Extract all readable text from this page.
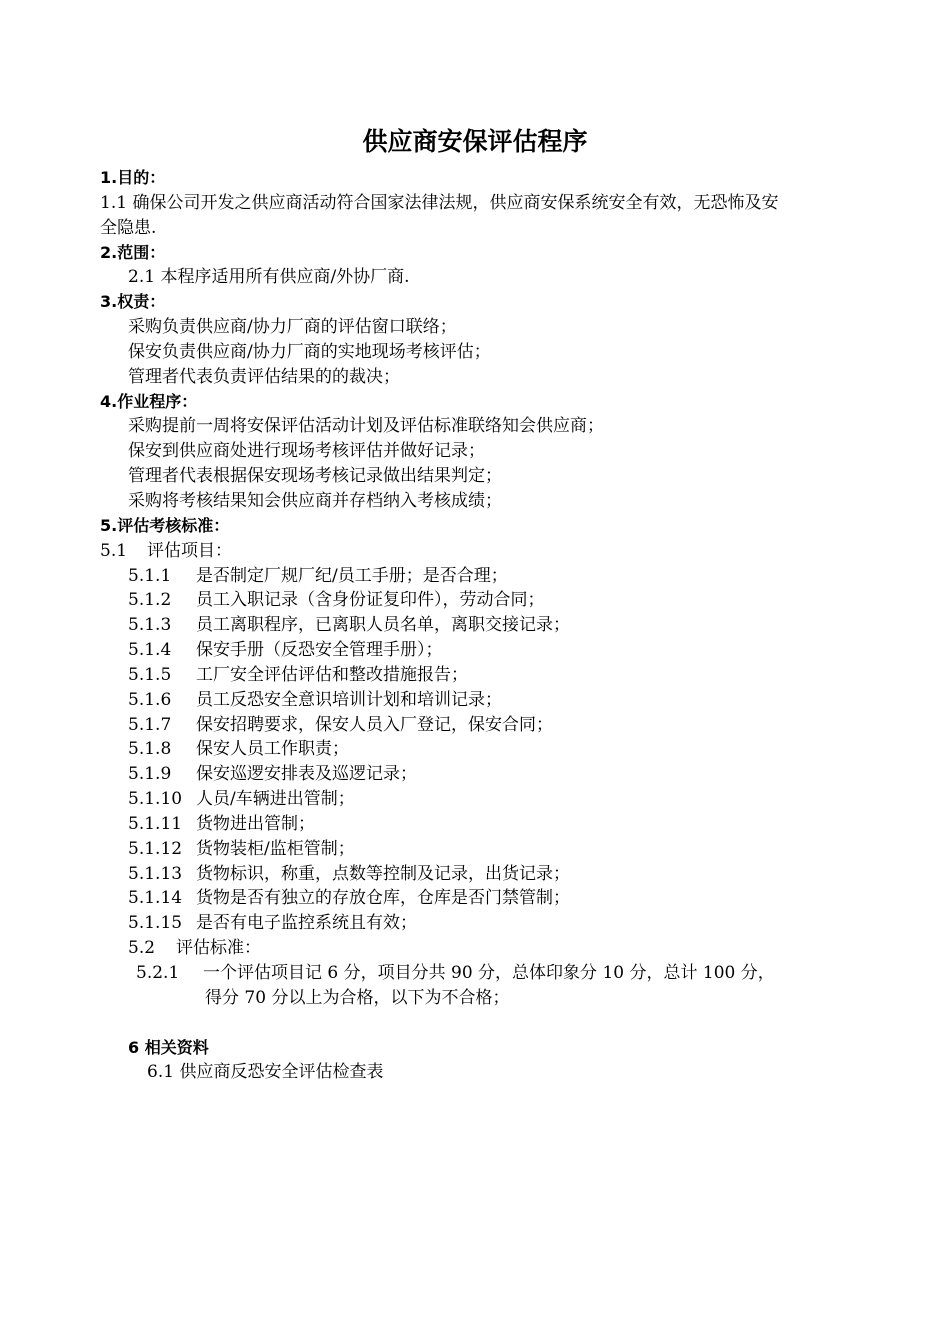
供应商安保评估程序
1.目的：
1.1 确保公司开发之供应商活动符合国家法律法规，供应商安保系统安全有效，无恐怖及安
全隐患.
2.范围：
2.1 本程序适用所有供应商/外协厂商.
3.权责：
采购负责供应商/协力厂商的评估窗口联络；
保安负责供应商/协力厂商的实地现场考核评估；
管理者代表负责评估结果的的裁决；
4.作业程序：
采购提前一周将安保评估活动计划及评估标准联络知会供应商；
保安到供应商处进行现场考核评估并做好记录；
管理者代表根据保安现场考核记录做出结果判定；
采购将考核结果知会供应商并存档纳入考核成绩；
5.评估考核标准：
5.1 评估项目：
5.1.1 是否制定厂规厂纪/员工手册；是否合理；
5.1.2 员工入职记录（含身份证复印件），劳动合同；
5.1.3 员工离职程序，已离职人员名单，离职交接记录；
5.1.4 保安手册（反恐安全管理手册）；
5.1.5 工厂安全评估评估和整改措施报告；
5.1.6 员工反恐安全意识培训计划和培训记录；
5.1.7 保安招聘要求，保安人员入厂登记，保安合同；
5.1.8 保安人员工作职责；
5.1.9 保安巡逻安排表及巡逻记录；
5.1.10 人员/车辆进出管制；
5.1.11 货物进出管制；
5.1.12 货物装柜/监柜管制；
5.1.13 货物标识，称重，点数等控制及记录，出货记录；
5.1.14 货物是否有独立的存放仓库，仓库是否门禁管制；
5.1.15 是否有电子监控系统且有效；
5.2 评估标准：
5.2.1 一个评估项目记 6 分，项目分共 90 分，总体印象分 10 分，总计 100 分，
得分 70 分以上为合格，以下为不合格；
6 相关资料
6.1 供应商反恐安全评估检查表
